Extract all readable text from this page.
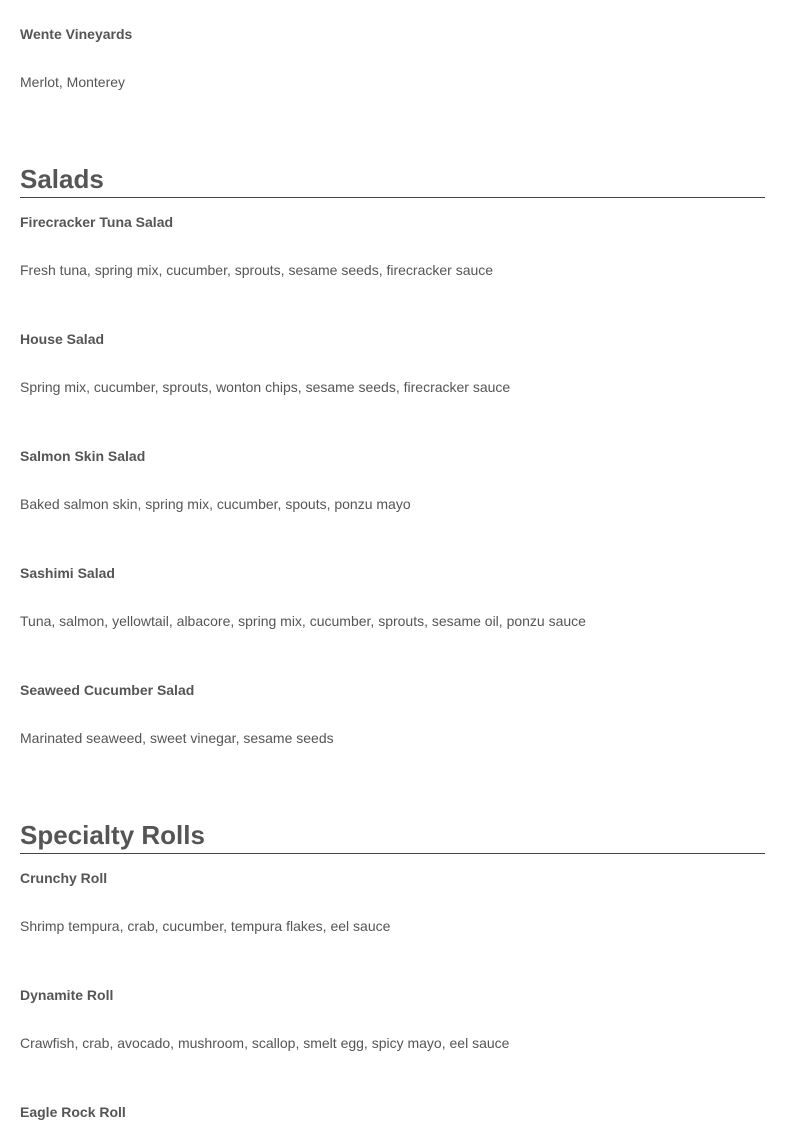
Wente Vineyards

Merlot, Monterey

Salads

Firecracker Tuna Salad

Fresh tuna, spring mix, cucumber, sprouts, sesame seeds, firecracker sauce

House Salad

Spring mix, cucumber, sprouts, wonton chips, sesame seeds, firecracker sauce

Salmon Skin Salad

Baked salmon skin, spring mix, cucumber, spouts, ponzu mayo

Sashimi Salad

Tuna, salmon, yellowtail, albacore, spring mix, cucumber, sprouts, sesame oil, ponzu sauce

Seaweed Cucumber Salad

Marinated seaweed, sweet vinegar, sesame seeds

Specialty Rolls

Crunchy Roll

Shrimp tempura, crab, cucumber, tempura flakes, eel sauce

Dynamite Roll

Crawfish, crab, avocado, mushroom, scallop, smelt egg, spicy mayo, eel sauce

Eagle Rock Roll
